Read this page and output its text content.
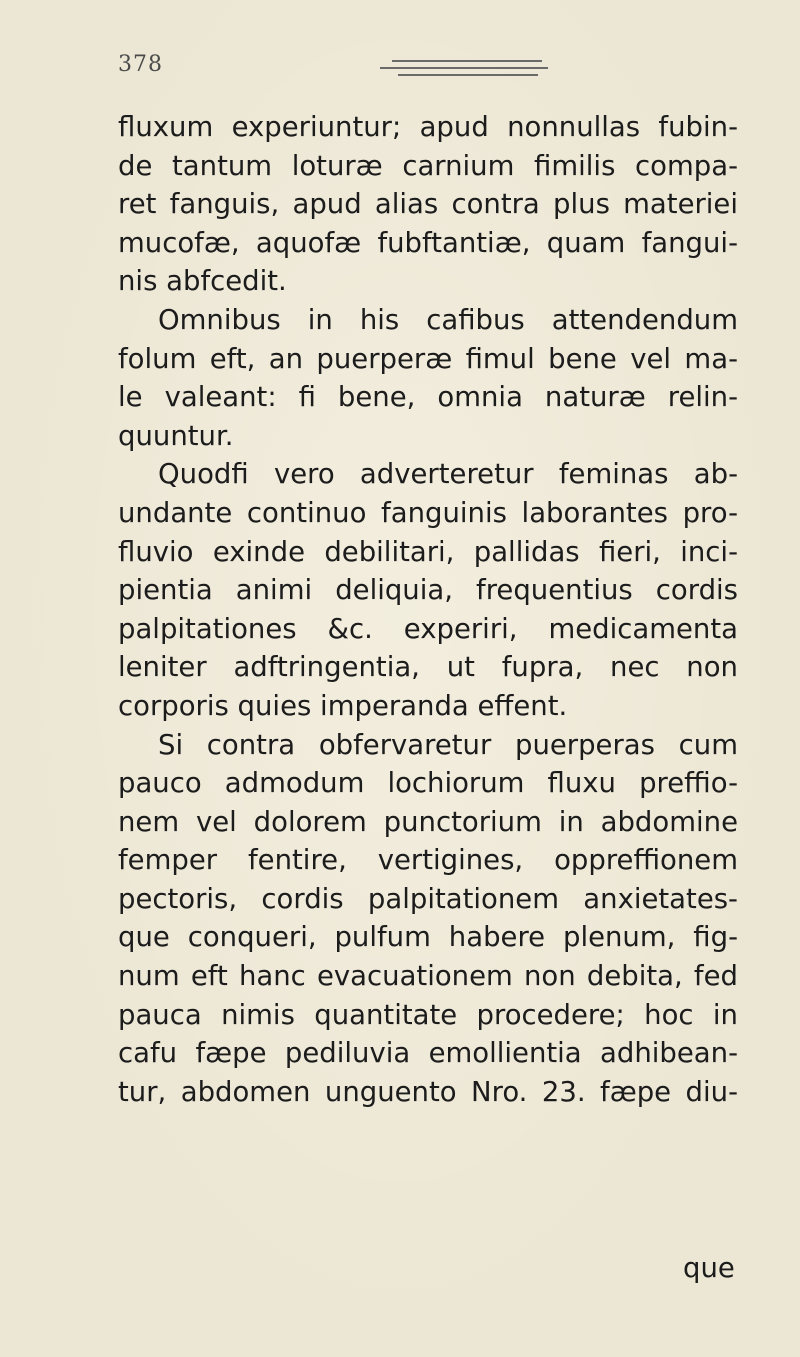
378
fluxum experiuntur; apud nonnullas fubin-
de tantum loturæ carnium fimilis compa-
ret fanguis, apud alias contra plus materiei
mucofæ, aquofæ fubftantiæ, quam fangui-
nis abfcedit.
Omnibus in his cafibus attendendum
folum eft, an puerperæ fimul bene vel ma-
le valeant: fi bene, omnia naturæ relin-
quuntur.
Quodfi vero adverteretur feminas ab-
undante continuo fanguinis laborantes pro-
fluvio exinde debilitari, pallidas fieri, inci-
pientia animi deliquia, frequentius cordis
palpitationes &c. experiri, medicamenta
leniter adftringentia, ut fupra, nec non
corporis quies imperanda effent.
Si contra obfervaretur puerperas cum
pauco admodum lochiorum fluxu preffio-
nem vel dolorem punctorium in abdomine
femper fentire, vertigines, oppreffionem
pectoris, cordis palpitationem anxietates-
que conqueri, pulfum habere plenum, fig-
num eft hanc evacuationem non debita, fed
pauca nimis quantitate procedere; hoc in
cafu fæpe pediluvia emollientia adhibean-
tur, abdomen unguento Nro. 23. fæpe diu-
que
